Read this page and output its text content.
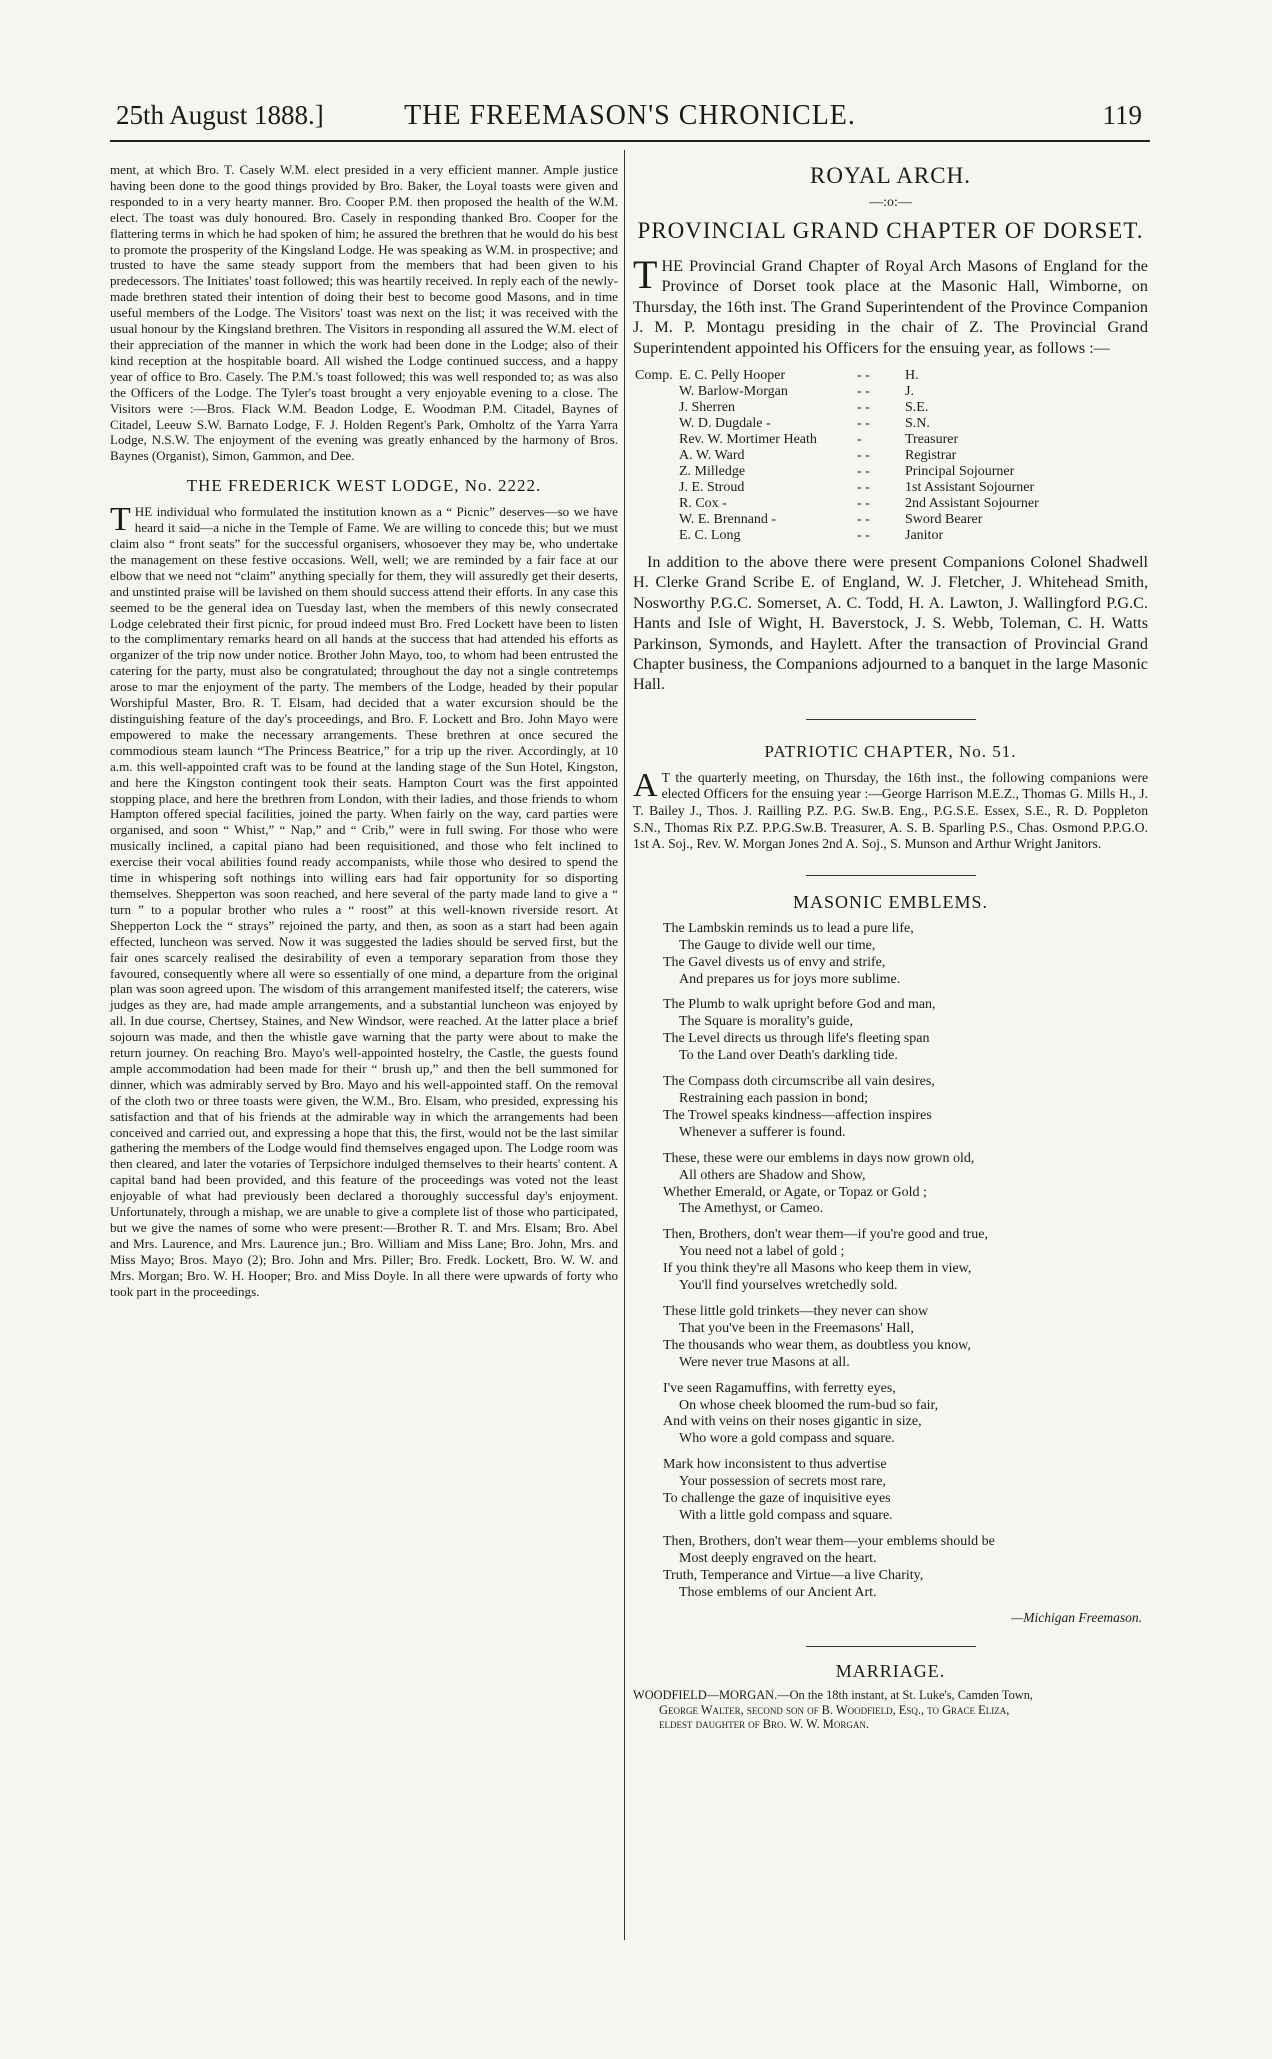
25th August 1888.]	THE FREEMASON'S CHRONICLE.	119

ment, at which Bro. T. Casely W.M. elect presided in a very efficient manner. Ample justice having been done to the good things provided by Bro. Baker, the Loyal toasts were given and responded to in a very hearty manner. Bro. Cooper P.M. then proposed the health of the W.M. elect. The toast was duly honoured. Bro. Casely in responding thanked Bro. Cooper for the flattering terms in which he had spoken of him; he assured the brethren that he would do his best to promote the prosperity of the Kingsland Lodge. He was speaking as W.M. in prospective; and trusted to have the same steady support from the members that had been given to his predecessors. The Initiates' toast followed; this was heartily received. In reply each of the newly-made brethren stated their intention of doing their best to become good Masons, and in time useful members of the Lodge. The Visitors' toast was next on the list; it was received with the usual honour by the Kingsland brethren. The Visitors in responding all assured the W.M. elect of their appreciation of the manner in which the work had been done in the Lodge; also of their kind reception at the hospitable board. All wished the Lodge continued success, and a happy year of office to Bro. Casely. The P.M.'s toast followed; this was well responded to; as was also the Officers of the Lodge. The Tyler's toast brought a very enjoyable evening to a close. The Visitors were :—Bros. Flack W.M. Beadon Lodge, E. Woodman P.M. Citadel, Baynes of Citadel, Leeuw S.W. Barnato Lodge, F. J. Holden Regent's Park, Omholtz of the Yarra Yarra Lodge, N.S.W. The enjoyment of the evening was greatly enhanced by the harmony of Bros. Baynes (Organist), Simon, Gammon, and Dee.

THE FREDERICK WEST LODGE, No. 2222.

THE individual who formulated the institution known as a “ Picnic” deserves—so we have heard it said—a niche in the Temple of Fame. We are willing to concede this; but we must claim also “ front seats” for the successful organisers, whosoever they may be, who undertake the management on these festive occasions. Well, well; we are reminded by a fair face at our elbow that we need not “claim” anything specially for them, they will assuredly get their deserts, and unstinted praise will be lavished on them should success attend their efforts. In any case this seemed to be the general idea on Tuesday last, when the members of this newly consecrated Lodge celebrated their first picnic, for proud indeed must Bro. Fred Lockett have been to listen to the complimentary remarks heard on all hands at the success that had attended his efforts as organizer of the trip now under notice. Brother John Mayo, too, to whom had been entrusted the catering for the party, must also be congratulated; throughout the day not a single contretemps arose to mar the enjoyment of the party. The members of the Lodge, headed by their popular Worshipful Master, Bro. R. T. Elsam, had decided that a water excursion should be the distinguishing feature of the day's proceedings, and Bro. F. Lockett and Bro. John Mayo were empowered to make the necessary arrangements. These brethren at once secured the commodious steam launch “The Princess Beatrice,” for a trip up the river. Accordingly, at 10 a.m. this well-appointed craft was to be found at the landing stage of the Sun Hotel, Kingston, and here the Kingston contingent took their seats. Hampton Court was the first appointed stopping place, and here the brethren from London, with their ladies, and those friends to whom Hampton offered special facilities, joined the party. When fairly on the way, card parties were organised, and soon “ Whist,” “ Nap,” and “ Crib,” were in full swing. For those who were musically inclined, a capital piano had been requisitioned, and those who felt inclined to exercise their vocal abilities found ready accompanists, while those who desired to spend the time in whispering soft nothings into willing ears had fair opportunity for so disporting themselves. Shepperton was soon reached, and here several of the party made land to give a “ turn ” to a popular brother who rules a “ roost” at this well-known riverside resort. At Shepperton Lock the “ strays” rejoined the party, and then, as soon as a start had been again effected, luncheon was served. Now it was suggested the ladies should be served first, but the fair ones scarcely realised the desirability of even a temporary separation from those they favoured, consequently where all were so essentially of one mind, a departure from the original plan was soon agreed upon. The wisdom of this arrangement manifested itself; the caterers, wise judges as they are, had made ample arrangements, and a substantial luncheon was enjoyed by all. In due course, Chertsey, Staines, and New Windsor, were reached. At the latter place a brief sojourn was made, and then the whistle gave warning that the party were about to make the return journey. On reaching Bro. Mayo's well-appointed hostelry, the Castle, the guests found ample accommodation had been made for their “ brush up,” and then the bell summoned for dinner, which was admirably served by Bro. Mayo and his well-appointed staff. On the removal of the cloth two or three toasts were given, the W.M., Bro. Elsam, who presided, expressing his satisfaction and that of his friends at the admirable way in which the arrangements had been conceived and carried out, and expressing a hope that this, the first, would not be the last similar gathering the members of the Lodge would find themselves engaged upon. The Lodge room was then cleared, and later the votaries of Terpsichore indulged themselves to their hearts' content. A capital band had been provided, and this feature of the proceedings was voted not the least enjoyable of what had previously been declared a thoroughly successful day's enjoyment. Unfortunately, through a mishap, we are unable to give a complete list of those who participated, but we give the names of some who were present:—Brother R. T. and Mrs. Elsam; Bro. Abel and Mrs. Laurence, and Mrs. Laurence jun.; Bro. William and Miss Lane; Bro. John, Mrs. and Miss Mayo; Bros. Mayo (2); Bro. John and Mrs. Piller; Bro. Fredk. Lockett, Bro. W. W. and Mrs. Morgan; Bro. W. H. Hooper; Bro. and Miss Doyle. In all there were upwards of forty who took part in the proceedings.

ROYAL ARCH.
—:o:—
PROVINCIAL GRAND CHAPTER OF DORSET.

THE Provincial Grand Chapter of Royal Arch Masons of England for the Province of Dorset took place at the Masonic Hall, Wimborne, on Thursday, the 16th inst. The Grand Superintendent of the Province Companion J. M. P. Montagu presiding in the chair of Z. The Provincial Grand Superintendent appointed his Officers for the ensuing year, as follows :—

Comp.	E. C. Pelly Hooper	- -	H.
	W. Barlow-Morgan	- -	J.
	J. Sherren	- -	S.E.
	W. D. Dugdale -	- -	S.N.
	Rev. W. Mortimer Heath	-	Treasurer
	A. W. Ward	- -	Registrar
	Z. Milledge	- -	Principal Sojourner
	J. E. Stroud	- -	1st Assistant Sojourner
	R. Cox -	- -	2nd Assistant Sojourner
	W. E. Brennand -	- -	Sword Bearer
	E. C. Long	- -	Janitor

In addition to the above there were present Companions Colonel Shadwell H. Clerke Grand Scribe E. of England, W. J. Fletcher, J. Whitehead Smith, Nosworthy P.G.C. Somerset, A. C. Todd, H. A. Lawton, J. Wallingford P.G.C. Hants and Isle of Wight, H. Baverstock, J. S. Webb, Toleman, C. H. Watts Parkinson, Symonds, and Haylett. After the transaction of Provincial Grand Chapter business, the Companions adjourned to a banquet in the large Masonic Hall.

PATRIOTIC CHAPTER, No. 51.

A T the quarterly meeting, on Thursday, the 16th inst., the following companions were elected Officers for the ensuing year :—George Harrison M.E.Z., Thomas G. Mills H., J. T. Bailey J., Thos. J. Railling P.Z. P.G. Sw.B. Eng., P.G.S.E. Essex, S.E., R. D. Poppleton S.N., Thomas Rix P.Z. P.P.G.Sw.B. Treasurer, A. S. B. Sparling P.S., Chas. Osmond P.P.G.O. 1st A. Soj., Rev. W. Morgan Jones 2nd A. Soj., S. Munson and Arthur Wright Janitors.

MASONIC EMBLEMS.
The Lambskin reminds us to lead a pure life,
The Gauge to divide well our time,
The Gavel divests us of envy and strife,
And prepares us for joys more sublime.
The Plumb to walk upright before God and man,
The Square is morality's guide,
The Level directs us through life's fleeting span
To the Land over Death's darkling tide.
The Compass doth circumscribe all vain desires,
Restraining each passion in bond;
The Trowel speaks kindness—affection inspires
Whenever a sufferer is found.
These, these were our emblems in days now grown old,
All others are Shadow and Show,
Whether Emerald, or Agate, or Topaz or Gold ;
The Amethyst, or Cameo.
Then, Brothers, don't wear them—if you're good and true,
You need not a label of gold ;
If you think they're all Masons who keep them in view,
You'll find yourselves wretchedly sold.
These little gold trinkets—they never can show
That you've been in the Freemasons' Hall,
The thousands who wear them, as doubtless you know,
Were never true Masons at all.
I've seen Ragamuffins, with ferretty eyes,
On whose cheek bloomed the rum-bud so fair,
And with veins on their noses gigantic in size,
Who wore a gold compass and square.
Mark how inconsistent to thus advertise
Your possession of secrets most rare,
To challenge the gaze of inquisitive eyes
With a little gold compass and square.
Then, Brothers, don't wear them—your emblems should be
Most deeply engraved on the heart.
Truth, Temperance and Virtue—a live Charity,
Those emblems of our Ancient Art.
—Michigan Freemason.
MARRIAGE.
WOODFIELD—MORGAN.—On the 18th instant, at St. Luke's, Camden Town,
George Walter, second son of B. Woodfield, Esq., to Grace Eliza,
eldest daughter of Bro. W. W. Morgan.
